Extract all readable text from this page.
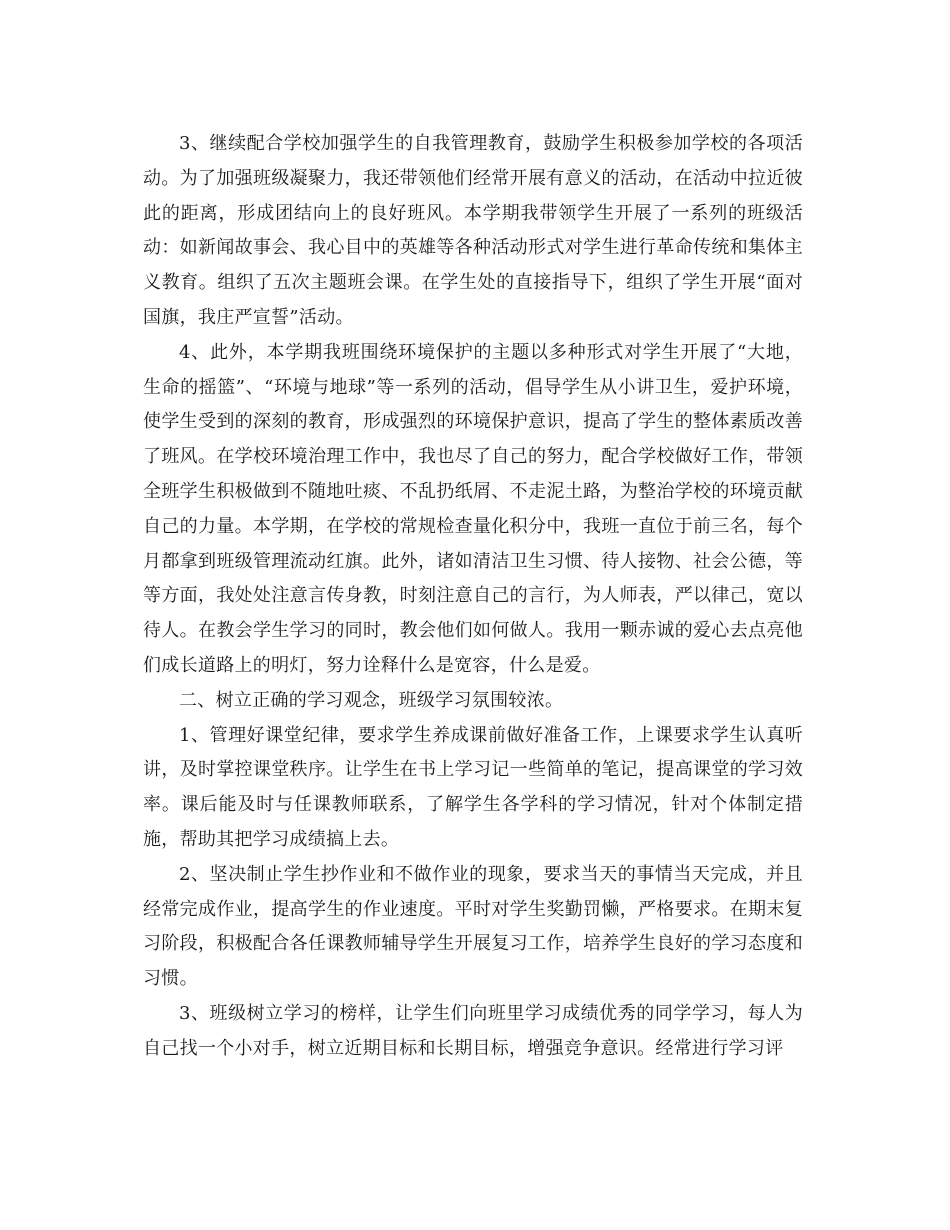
3、继续配合学校加强学生的自我管理教育，鼓励学生积极参加学校的各项活动。为了加强班级凝聚力，我还带领他们经常开展有意义的活动，在活动中拉近彼此的距离，形成团结向上的良好班风。本学期我带领学生开展了一系列的班级活动：如新闻故事会、我心目中的英雄等各种活动形式对学生进行革命传统和集体主义教育。组织了五次主题班会课。在学生处的直接指导下，组织了学生开展“面对国旗，我庄严宣誓”活动。

4、此外，本学期我班围绕环境保护的主题以多种形式对学生开展了“大地，生命的摇篮”、“环境与地球”等一系列的活动，倡导学生从小讲卫生，爱护环境，使学生受到的深刻的教育，形成强烈的环境保护意识，提高了学生的整体素质改善了班风。在学校环境治理工作中，我也尽了自己的努力，配合学校做好工作，带领全班学生积极做到不随地吐痰、不乱扔纸屑、不走泥土路，为整治学校的环境贡献自己的力量。本学期，在学校的常规检查量化积分中，我班一直位于前三名，每个月都拿到班级管理流动红旗。此外，诸如清洁卫生习惯、待人接物、社会公德，等等方面，我处处注意言传身教，时刻注意自己的言行，为人师表，严以律己，宽以待人。在教会学生学习的同时，教会他们如何做人。我用一颗赤诚的爱心去点亮他们成长道路上的明灯，努力诠释什么是宽容，什么是爱。

二、树立正确的学习观念，班级学习氛围较浓。

1、管理好课堂纪律，要求学生养成课前做好准备工作，上课要求学生认真听讲，及时掌控课堂秩序。让学生在书上学习记一些简单的笔记，提高课堂的学习效率。课后能及时与任课教师联系，了解学生各学科的学习情况，针对个体制定措施，帮助其把学习成绩搞上去。

2、坚决制止学生抄作业和不做作业的现象，要求当天的事情当天完成，并且经常完成作业，提高学生的作业速度。平时对学生奖勤罚懒，严格要求。在期末复习阶段，积极配合各任课教师辅导学生开展复习工作，培养学生良好的学习态度和习惯。

3、班级树立学习的榜样，让学生们向班里学习成绩优秀的同学学习，每人为自己找一个小对手，树立近期目标和长期目标，增强竞争意识。经常进行学习评
